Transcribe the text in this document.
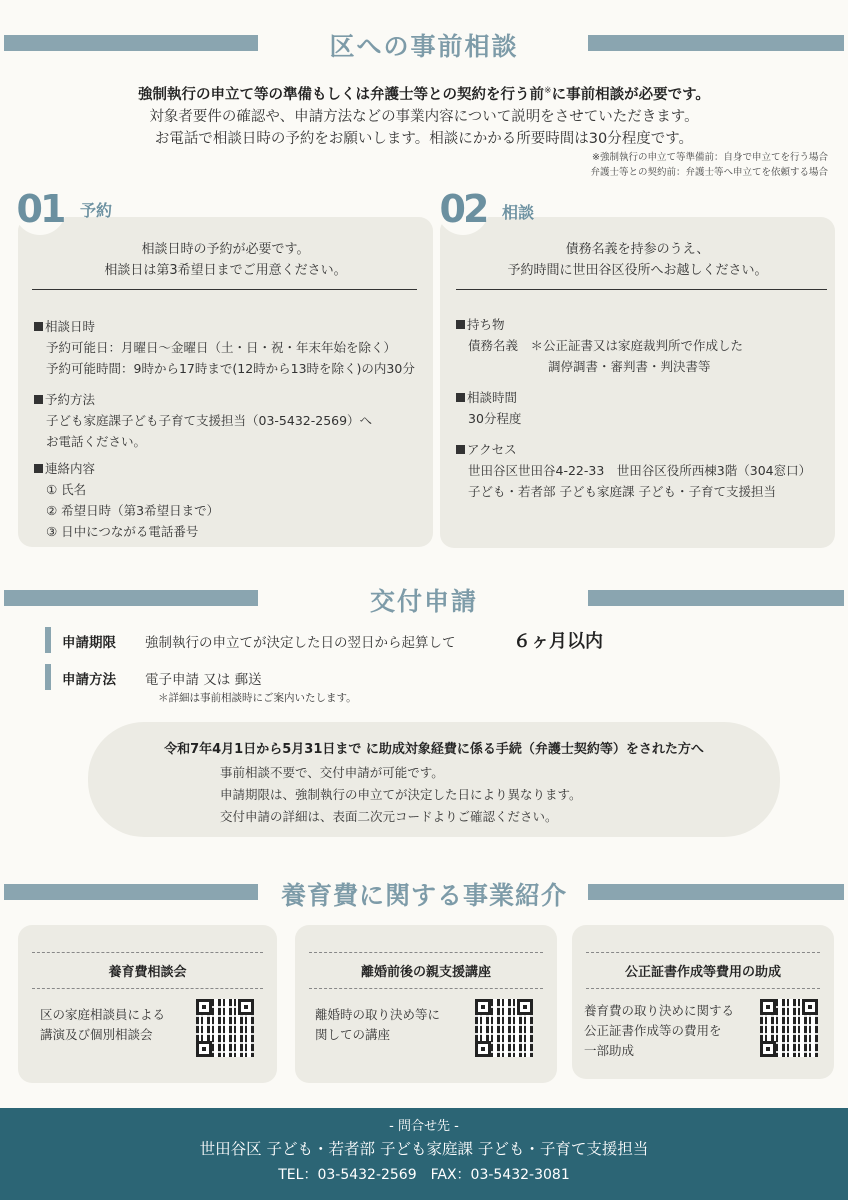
区への事前相談
強制執行の申立て等の準備もしくは弁護士等との契約を行う前※に事前相談が必要です。
対象者要件の確認や、申請方法などの事業内容について説明をさせていただきます。
お電話で相談日時の予約をお願いします。相談にかかる所要時間は30分程度です。
※強制執行の申立て等準備前：自身で申立てを行う場合
弁護士等との契約前：弁護士等へ申立てを依頼する場合
相談日時の予約が必要です。
相談日は第3希望日までご用意ください。
相談日時
予約可能日：月曜日〜金曜日（土・日・祝・年末年始を除く）
予約可能時間：9時から17時まで(12時から13時を除く)の内30分
予約方法
子ども家庭課子ども子育て支援担当（03-5432-2569）へ
お電話ください。
連絡内容
① 氏名
② 希望日時（第3希望日まで）
③ 日中につながる電話番号
01 予約
債務名義を持参のうえ、
予約時間に世田谷区役所へお越しください。
持ち物
債務名義　＊公正証書又は家庭裁判所で作成した
調停調書・審判書・判決書等
相談時間
30分程度
アクセス
世田谷区世田谷4-22-33　世田谷区役所西棟3階（304窓口）
子ども・若者部 子ども家庭課 子ども・子育て支援担当
02 相談
交付申請
申請期限 強制執行の申立てが決定した日の翌日から起算して	６ヶ月以内
申請方法 電子申請 又は 郵送
＊詳細は事前相談時にご案内いたします。
令和7年4月1日から5月31日まで に助成対象経費に係る手続（弁護士契約等）をされた方へ
事前相談不要で、交付申請が可能です。
申請期限は、強制執行の申立てが決定した日により異なります。
交付申請の詳細は、表面二次元コードよりご確認ください。
養育費に関する事業紹介
養育費相談会
区の家庭相談員による
講演及び個別相談会
離婚前後の親支援講座
離婚時の取り決め等に
関しての講座
公正証書作成等費用の助成
養育費の取り決めに関する
公正証書作成等の費用を
一部助成
- 問合せ先 -
世田谷区 子ども・若者部 子ども家庭課 子ども・子育て支援担当
TEL：03-5432-2569　FAX：03-5432-3081
